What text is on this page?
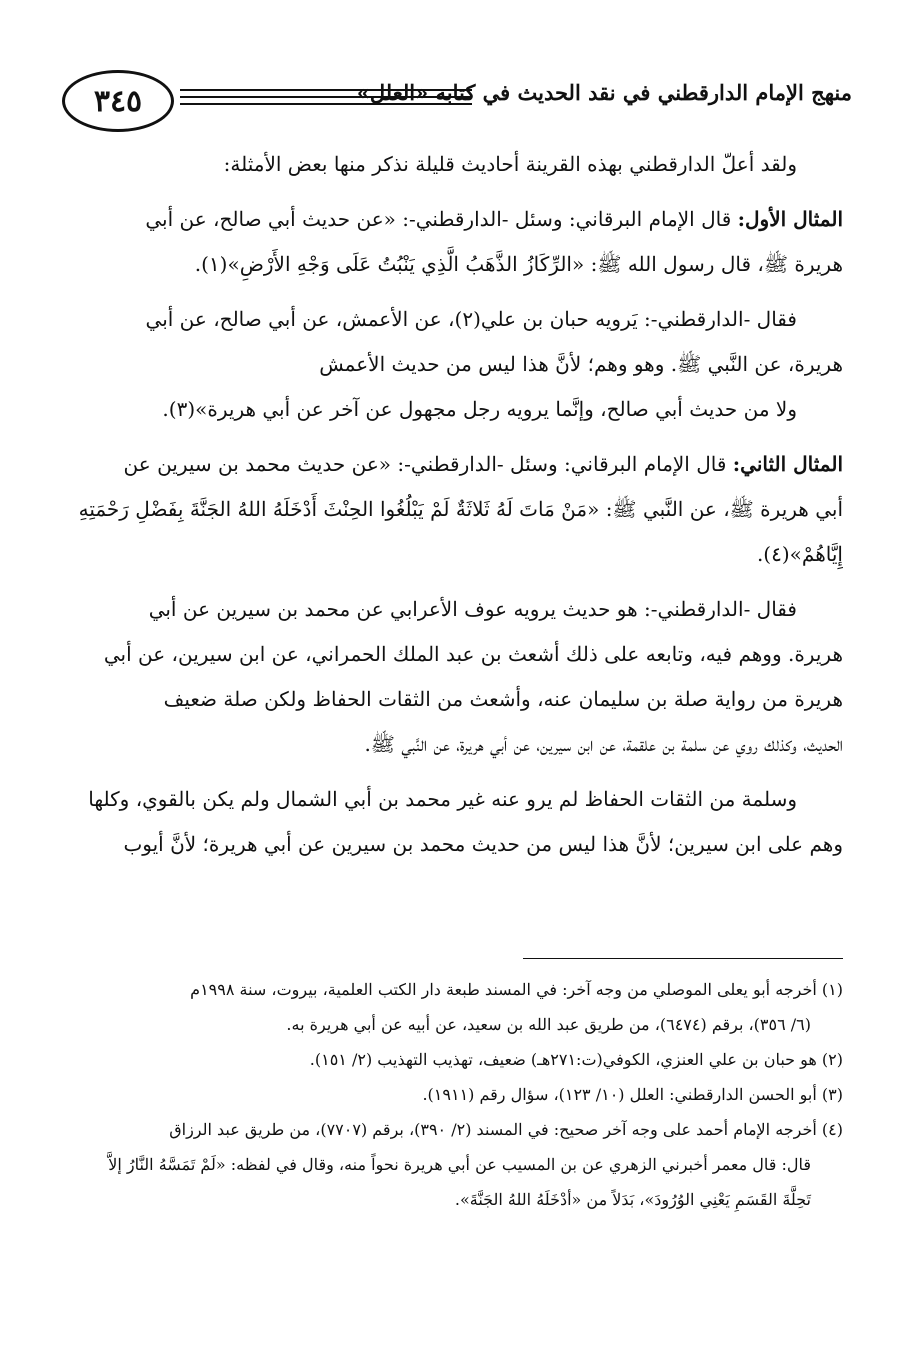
٣٤٥	منهج الإمام الدارقطني في نقد الحديث في كتابه «العلل»

ولقد أعلّ الدارقطني بهذه القرينة أحاديث قليلة نذكر منها بعض الأمثلة:

المثال الأول: قال الإمام البرقاني: وسئل -الدارقطني-: «عن حديث أبي صالح، عن أبي

هريرة ﷺ، قال رسول الله ﷺ: «الرِّكَازُ الذَّهَبُ الَّذِي يَنْبُتُ عَلَى وَجْهِ الأَرْضِ»(١).

فقال -الدارقطني-: يَرويه حبان بن علي(٢)، عن الأعمش، عن أبي صالح، عن أبي

هريرة، عن النَّبي ﷺ. وهو وهم؛ لأنَّ هذا ليس من حديث الأعمش

ولا من حديث أبي صالح، وإنَّما يرويه رجل مجهول عن آخر عن أبي هريرة»(٣).

المثال الثاني: قال الإمام البرقاني: وسئل -الدارقطني-: «عن حديث محمد بن سيرين عن

أبي هريرة ﷺ، عن النَّبي ﷺ: «مَنْ مَاتَ لَهُ ثَلاثَةٌ لَمْ يَبْلُغُوا الحِنْثَ أَدْخَلَهُ اللهُ الجَنَّةَ بِفَضْلِ رَحْمَتِهِ

إِيَّاهُمْ»(٤).

فقال -الدارقطني-: هو حديث يرويه عوف الأعرابي عن محمد بن سيرين عن أبي

هريرة. ووهم فيه، وتابعه على ذلك أشعث بن عبد الملك الحمراني، عن ابن سيرين، عن أبي

هريرة من رواية صلة بن سليمان عنه، وأشعث من الثقات الحفاظ ولكن صلة ضعيف

الحديث، وكذلك روي عن سلمة بن علقمة، عن ابن سيرين، عن أبي هريرة، عن النَّبي ﷺ.

وسلمة من الثقات الحفاظ لم يرو عنه غير محمد بن أبي الشمال ولم يكن بالقوي، وكلها

وهم على ابن سيرين؛ لأنَّ هذا ليس من حديث محمد بن سيرين عن أبي هريرة؛ لأنَّ أيوب

(١) أخرجه أبو يعلى الموصلي من وجه آخر: في المسند طبعة دار الكتب العلمية، بيروت، سنة ١٩٩٨م

(٦/ ٣٥٦)، برقم (٦٤٧٤)، من طريق عبد الله بن سعيد، عن أبيه عن أبي هريرة به.

(٢) هو حبان بن علي العنزي، الكوفي(ت:٢٧١هـ) ضعيف، تهذيب التهذيب (٢/ ١٥١).

(٣) أبو الحسن الدارقطني: العلل (١٠/ ١٢٣)، سؤال رقم (١٩١١).

(٤) أخرجه الإمام أحمد على وجه آخر صحيح: في المسند (٢/ ٣٩٠)، برقم (٧٧٠٧)، من طريق عبد الرزاق

قال: قال معمر أخبرني الزهري عن بن المسيب عن أبي هريرة نحواً منه، وقال في لفظه: «لَمْ تَمَسَّهُ النَّارُ إلاَّ

تَحِلَّةَ القَسَمِ يَعْنِي الوُرُودَ»، بَدَلاً من «أدْخَلَهُ اللهُ الجَنَّةَ».
